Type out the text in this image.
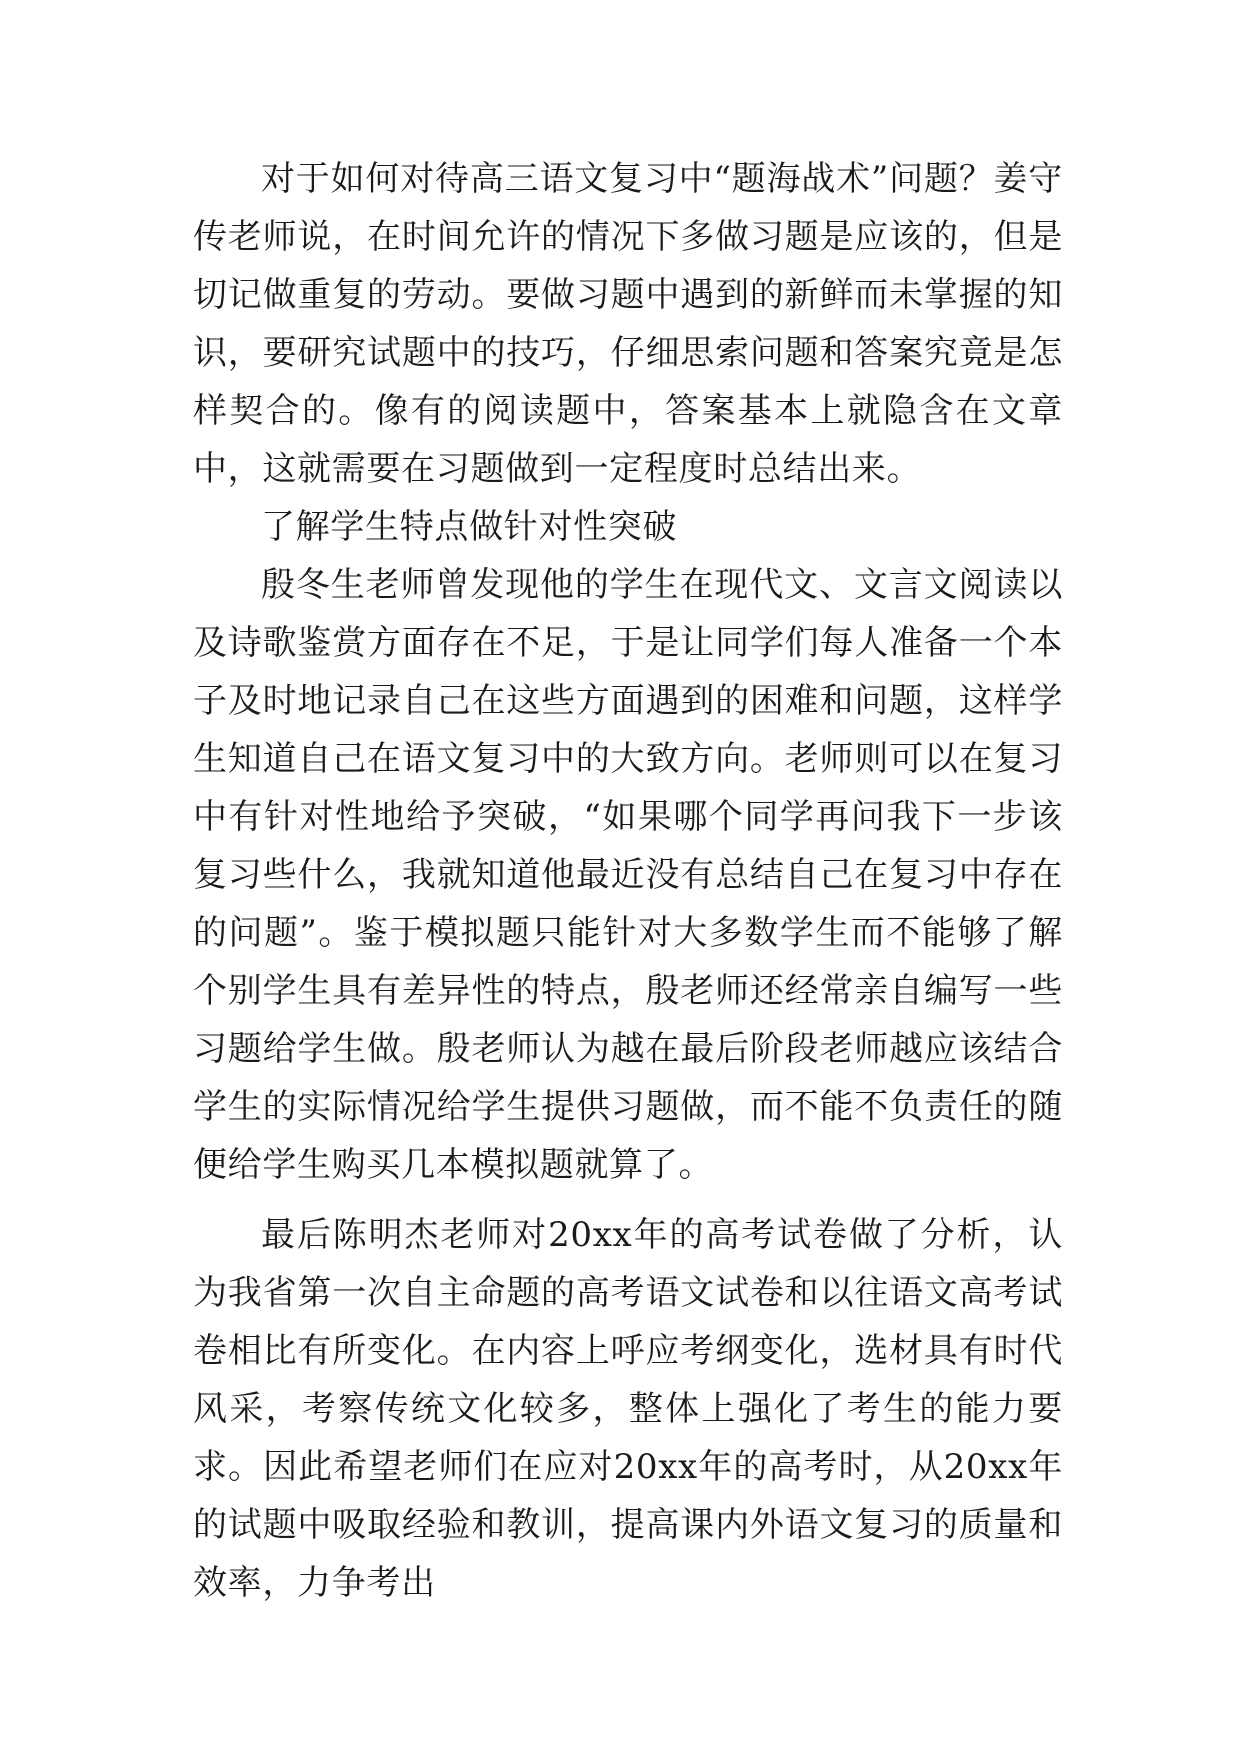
对于如何对待高三语文复习中“题海战术”问题？姜守传老师说，在时间允许的情况下多做习题是应该的，但是切记做重复的劳动。要做习题中遇到的新鲜而未掌握的知识，要研究试题中的技巧，仔细思索问题和答案究竟是怎样契合的。像有的阅读题中，答案基本上就隐含在文章中，这就需要在习题做到一定程度时总结出来。

了解学生特点做针对性突破

殷冬生老师曾发现他的学生在现代文、文言文阅读以及诗歌鉴赏方面存在不足，于是让同学们每人准备一个本子及时地记录自己在这些方面遇到的困难和问题，这样学生知道自己在语文复习中的大致方向。老师则可以在复习中有针对性地给予突破，“如果哪个同学再问我下一步该复习些什么，我就知道他最近没有总结自己在复习中存在的问题”。鉴于模拟题只能针对大多数学生而不能够了解个别学生具有差异性的特点，殷老师还经常亲自编写一些习题给学生做。殷老师认为越在最后阶段老师越应该结合学生的实际情况给学生提供习题做，而不能不负责任的随便给学生购买几本模拟题就算了。

最后陈明杰老师对20xx年的高考试卷做了分析，认为我省第一次自主命题的高考语文试卷和以往语文高考试卷相比有所变化。在内容上呼应考纲变化，选材具有时代风采，考察传统文化较多，整体上强化了考生的能力要求。因此希望老师们在应对20xx年的高考时，从20xx年的试题中吸取经验和教训，提高课内外语文复习的质量和效率，力争考出
